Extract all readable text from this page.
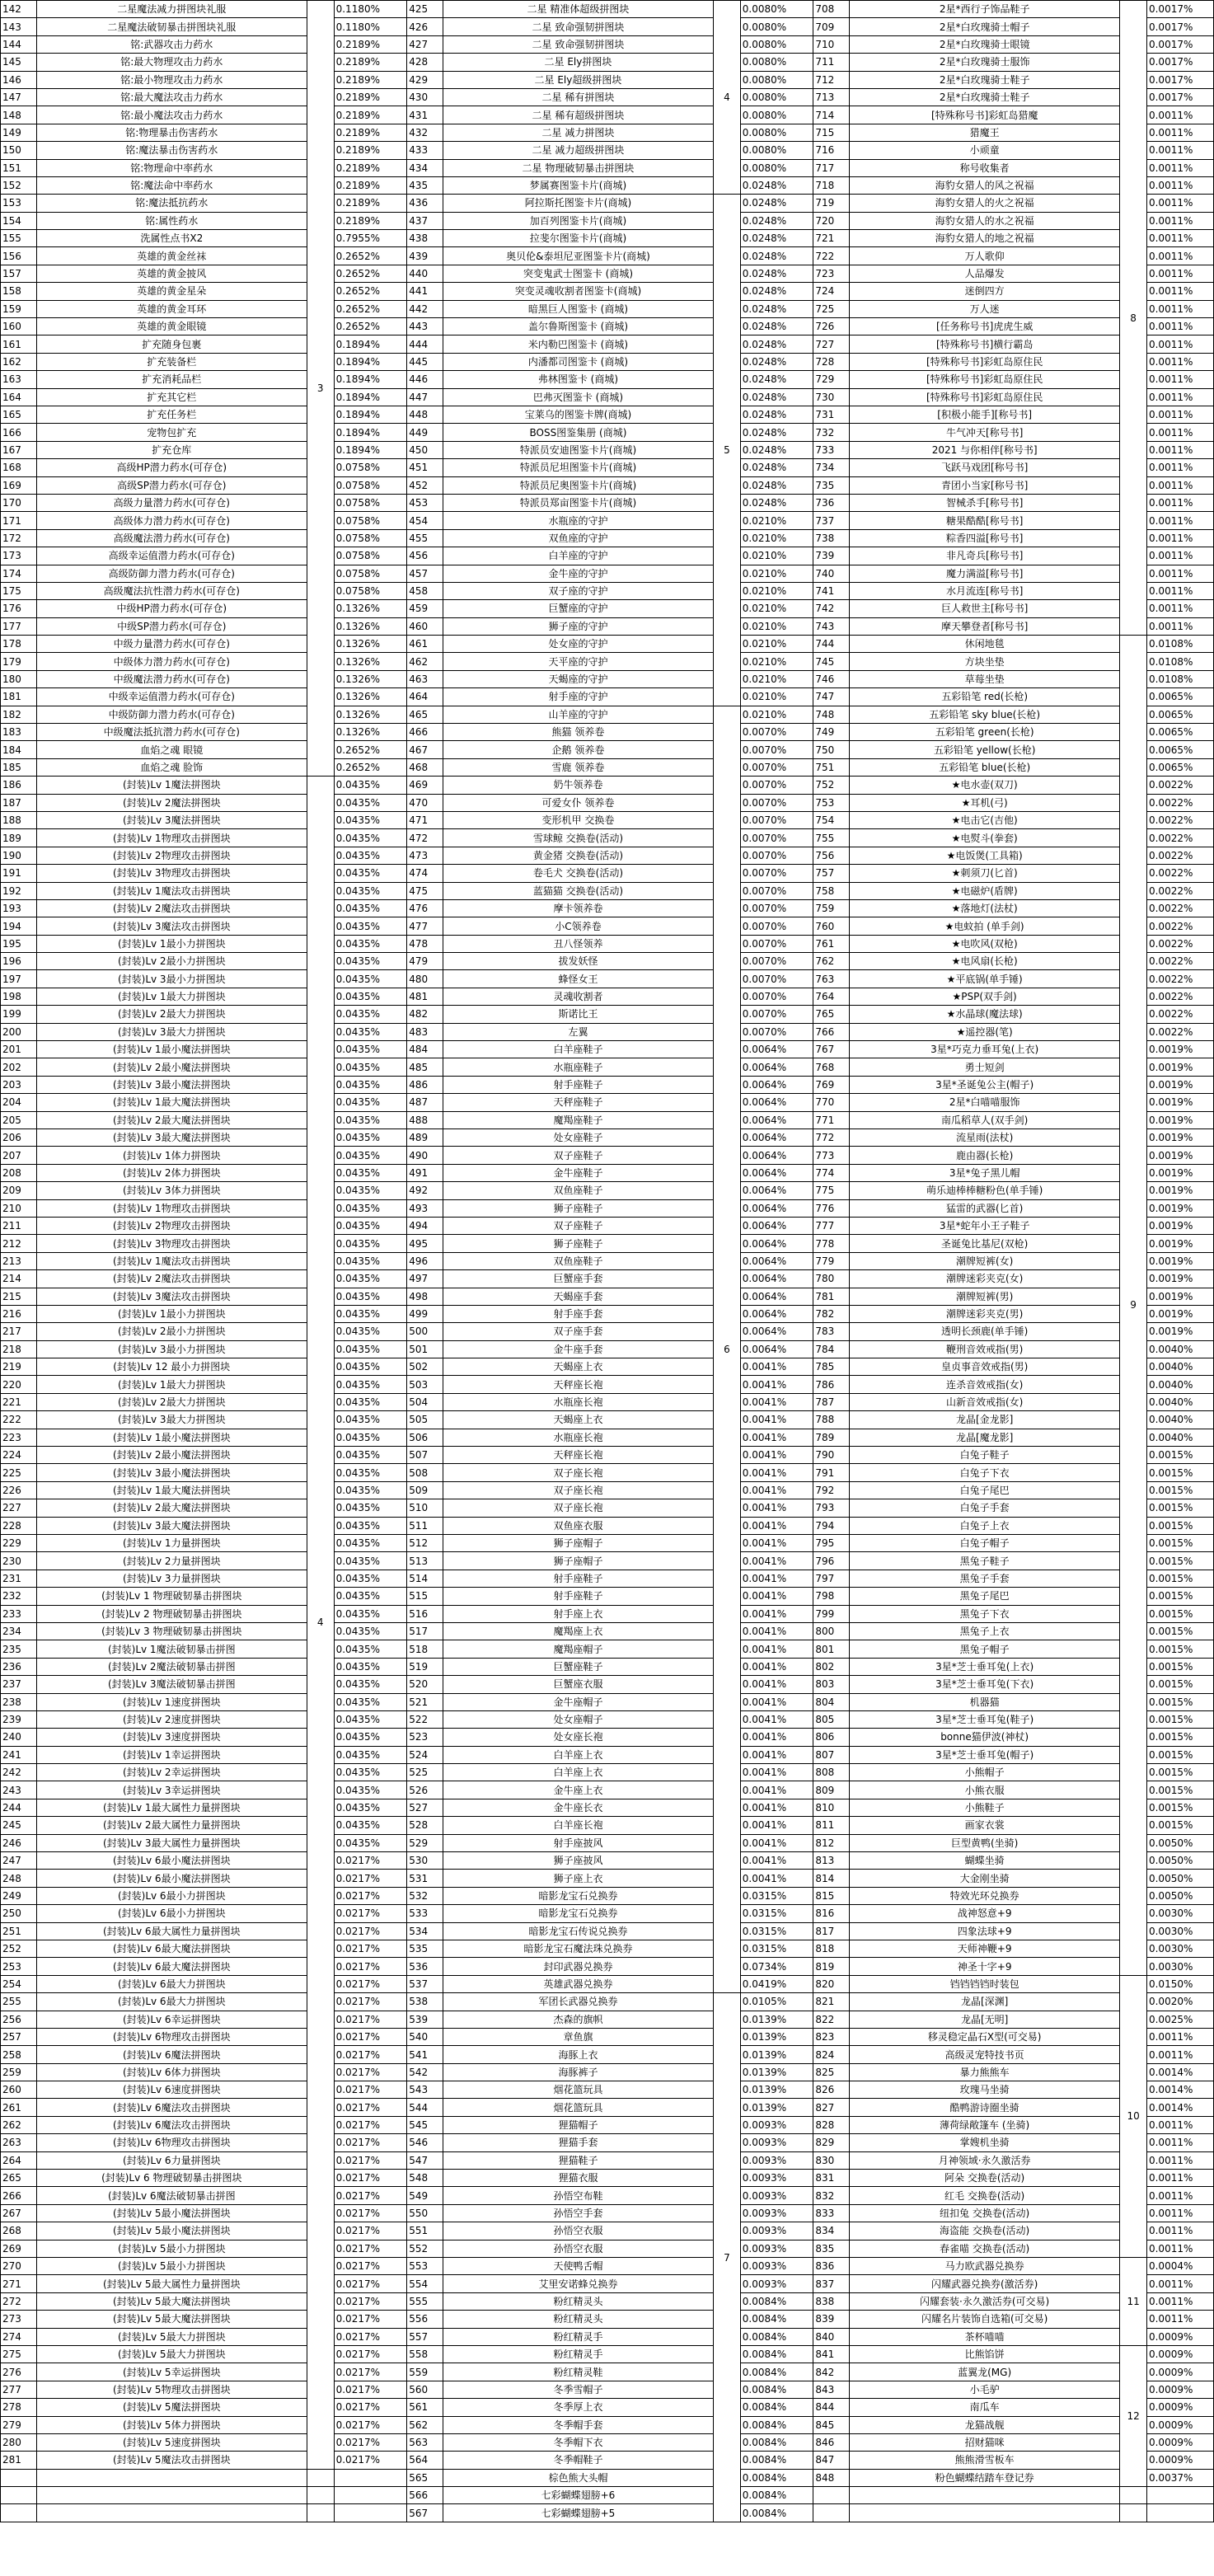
142	二星魔法减力拼图块礼服	3	0.1180%	425	二星 精准体超级拼图块	4	0.0080%	708	2星*西行子饰品鞋子	8	0.0017%
143	二星魔法破韧暴击拼图块礼服		0.1180%	426	二星 致命强韧拼图块		0.0080%	709	2星*白玫瑰骑士帽子		0.0017%
144	铭:武器攻击力药水		0.2189%	427	二星 致命强韧拼图块		0.0080%	710	2星*白玫瑰骑士眼镜		0.0017%
145	铭:最大物理攻击力药水		0.2189%	428	二星 Ely拼图块		0.0080%	711	2星*白玫瑰骑士服饰		0.0017%
146	铭:最小物理攻击力药水		0.2189%	429	二星 Ely超级拼图块		0.0080%	712	2星*白玫瑰骑士鞋子		0.0017%
147	铭:最大魔法攻击力药水		0.2189%	430	二星 稀有拼图块		0.0080%	713	2星*白玫瑰骑士鞋子		0.0017%
148	铭:最小魔法攻击力药水		0.2189%	431	二星 稀有超级拼图块		0.0080%	714	[特殊称号书]彩虹岛猎魔		0.0011%
149	铭:物理暴击伤害药水		0.2189%	432	二星 减力拼图块		0.0080%	715	猎魔王		0.0011%
150	铭:魔法暴击伤害药水		0.2189%	433	二星 减力超级拼图块		0.0080%	716	小顽童		0.0011%
151	铭:物理命中率药水		0.2189%	434	二星 物理破韧暴击拼图块		0.0080%	717	称号收集者		0.0011%
152	铭:魔法命中率药水		0.2189%	435	梦属赛图鉴卡片(商城)		0.0248%	718	海豹女猎人的风之祝福		0.0011%
153	铭:魔法抵抗药水		0.2189%	436	阿拉斯托图鉴卡片(商城)	5	0.0248%	719	海豹女猎人的火之祝福		0.0011%
154	铭:属性药水		0.2189%	437	加百列图鉴卡片(商城)		0.0248%	720	海豹女猎人的水之祝福		0.0011%
155	洗属性点书X2		0.7955%	438	拉斐尔图鉴卡片(商城)		0.0248%	721	海豹女猎人的地之祝福		0.0011%
156	英雄的黄金丝袜		0.2652%	439	奥贝伦&泰坦尼亚图鉴卡片(商城)		0.0248%	722	万人歌仰		0.0011%
157	英雄的黄金披风		0.2652%	440	突变鬼武士图鉴卡 (商城)		0.0248%	723	人品爆发		0.0011%
158	英雄的黄金星朵		0.2652%	441	突变灵魂收割者图鉴卡(商城)		0.0248%	724	迷倒四方		0.0011%
159	英雄的黄金耳环		0.2652%	442	暗黑巨人图鉴卡 (商城)		0.0248%	725	万人迷		0.0011%
160	英雄的黄金眼镜		0.2652%	443	盖尔鲁斯图鉴卡 (商城)		0.0248%	726	[任务称号书]虎虎生威		0.0011%
161	扩充随身包裹		0.1894%	444	米内勒巴图鉴卡 (商城)		0.0248%	727	[特殊称号书]横行霸岛		0.0011%
162	扩充装备栏		0.1894%	445	内潘都司图鉴卡 (商城)		0.0248%	728	[特殊称号书]彩虹岛原住民		0.0011%
163	扩充消耗品栏		0.1894%	446	弗林图鉴卡 (商城)		0.0248%	729	[特殊称号书]彩虹岛原住民		0.0011%
164	扩充其它栏		0.1894%	447	巴弗灭图鉴卡 (商城)		0.0248%	730	[特殊称号书]彩虹岛原住民		0.0011%
165	扩充任务栏		0.1894%	448	宝莱乌的图鉴卡牌(商城)		0.0248%	731	[积极小能手][称号书]		0.0011%
166	宠物包扩充		0.1894%	449	BOSS图鉴集册 (商城)		0.0248%	732	牛气冲天[称号书]		0.0011%
167	扩充仓库		0.1894%	450	特派员安迪图鉴卡片(商城)		0.0248%	733	2021 与你相伴[称号书]		0.0011%
168	高级HP潜力药水(可存仓)		0.0758%	451	特派员尼坦图鉴卡片(商城)		0.0248%	734	飞跃马戏团[称号书]		0.0011%
169	高级SP潜力药水(可存仓)		0.0758%	452	特派员尼奥图鉴卡片(商城)		0.0248%	735	青团小当家[称号书]		0.0011%
170	高级力量潜力药水(可存仓)		0.0758%	453	特派员郑亩图鉴卡片(商城)		0.0248%	736	智械杀手[称号书]		0.0011%
171	高级体力潜力药水(可存仓)		0.0758%	454	水瓶座的守护		0.0210%	737	糖果酷酷[称号书]		0.0011%
172	高级魔法潜力药水(可存仓)		0.0758%	455	双鱼座的守护		0.0210%	738	粽香四溢[称号书]		0.0011%
173	高级幸运值潜力药水(可存仓)		0.0758%	456	白羊座的守护		0.0210%	739	非凡奇兵[称号书]		0.0011%
174	高级防御力潜力药水(可存仓)		0.0758%	457	金牛座的守护		0.0210%	740	魔力满溢[称号书]		0.0011%
175	高级魔法抗性潜力药水(可存仓)		0.0758%	458	双子座的守护		0.0210%	741	水月流连[称号书]		0.0011%
176	中级HP潜力药水(可存仓)		0.1326%	459	巨蟹座的守护		0.0210%	742	巨人救世主[称号书]		0.0011%
177	中级SP潜力药水(可存仓)		0.1326%	460	狮子座的守护		0.0210%	743	摩天攀登者[称号书]		0.0011%
178	中级力量潜力药水(可存仓)		0.1326%	461	处女座的守护		0.0210%	744	休闲地毯	9	0.0108%
179	中级体力潜力药水(可存仓)		0.1326%	462	天平座的守护		0.0210%	745	方块坐垫		0.0108%
180	中级魔法潜力药水(可存仓)		0.1326%	463	天蝎座的守护		0.0210%	746	草莓坐垫		0.0108%
181	中级幸运值潜力药水(可存仓)		0.1326%	464	射手座的守护		0.0210%	747	五彩铅笔 red(长枪)		0.0065%
182	中级防御力潜力药水(可存仓)		0.1326%	465	山羊座的守护	6	0.0210%	748	五彩铅笔 sky blue(长枪)		0.0065%
183	中级魔法抵抗潜力药水(可存仓)		0.1326%	466	熊猫 领养卷		0.0070%	749	五彩铅笔 green(长枪)		0.0065%
184	血焰之魂 眼镜		0.2652%	467	企鹅 领养卷		0.0070%	750	五彩铅笔 yellow(长枪)		0.0065%
185	血焰之魂 脸饰		0.2652%	468	雪鹿 领养卷		0.0070%	751	五彩铅笔 blue(长枪)		0.0065%
186	(封装)Lv 1魔法拼图块	4	0.0435%	469	奶牛领养卷		0.0070%	752	★电水壶(双刀)		0.0022%
187	(封装)Lv 2魔法拼图块		0.0435%	470	可爱女仆 领养卷		0.0070%	753	★耳机(弓)		0.0022%
188	(封装)Lv 3魔法拼图块		0.0435%	471	变形机甲 交换卷		0.0070%	754	★电击它(吉他)		0.0022%
189	(封装)Lv 1物理攻击拼图块		0.0435%	472	雪球鲸 交换卷(活动)		0.0070%	755	★电熨斗(拳套)		0.0022%
190	(封装)Lv 2物理攻击拼图块		0.0435%	473	黄金猪 交换卷(活动)		0.0070%	756	★电饭煲(工具箱)		0.0022%
191	(封装)Lv 3物理攻击拼图块		0.0435%	474	卷毛犬 交换卷(活动)		0.0070%	757	★刺须刀(匕首)		0.0022%
192	(封装)Lv 1魔法攻击拼图块		0.0435%	475	蓝猫猫 交换卷(活动)		0.0070%	758	★电磁炉(盾牌)		0.0022%
193	(封装)Lv 2魔法攻击拼图块		0.0435%	476	摩卡领养卷		0.0070%	759	★落地灯(法杖)		0.0022%
194	(封装)Lv 3魔法攻击拼图块		0.0435%	477	小C领养卷		0.0070%	760	★电蚊拍 (单手剑)		0.0022%
195	(封装)Lv 1最小力拼图块		0.0435%	478	丑八怪领养		0.0070%	761	★电吹风(双枪)		0.0022%
196	(封装)Lv 2最小力拼图块		0.0435%	479	拔发妖怪		0.0070%	762	★电风扇(长枪)		0.0022%
197	(封装)Lv 3最小力拼图块		0.0435%	480	蜂怪女王		0.0070%	763	★平底锅(单手锤)		0.0022%
198	(封装)Lv 1最大力拼图块		0.0435%	481	灵魂收割者		0.0070%	764	★PSP(双手剑)		0.0022%
199	(封装)Lv 2最大力拼图块		0.0435%	482	斯诺比王		0.0070%	765	★水晶球(魔法球)		0.0022%
200	(封装)Lv 3最大力拼图块		0.0435%	483	左翼		0.0070%	766	★遥控器(笔)		0.0022%
201	(封装)Lv 1最小魔法拼图块		0.0435%	484	白羊座鞋子		0.0064%	767	3星*巧克力垂耳兔(上衣)		0.0019%
202	(封装)Lv 2最小魔法拼图块		0.0435%	485	水瓶座鞋子		0.0064%	768	勇士短剑		0.0019%
203	(封装)Lv 3最小魔法拼图块		0.0435%	486	射手座鞋子		0.0064%	769	3星*圣诞兔公主(帽子)		0.0019%
204	(封装)Lv 1最大魔法拼图块		0.0435%	487	天秤座鞋子		0.0064%	770	2星*白喵喵服饰		0.0019%
205	(封装)Lv 2最大魔法拼图块		0.0435%	488	魔羯座鞋子		0.0064%	771	南瓜稻草人(双手剑)		0.0019%
206	(封装)Lv 3最大魔法拼图块		0.0435%	489	处女座鞋子		0.0064%	772	流星雨(法杖)		0.0019%
207	(封装)Lv 1体力拼图块		0.0435%	490	双子座鞋子		0.0064%	773	鹿由器(长枪)		0.0019%
208	(封装)Lv 2体力拼图块		0.0435%	491	金牛座鞋子		0.0064%	774	3星*兔子黑儿帽		0.0019%
209	(封装)Lv 3体力拼图块		0.0435%	492	双鱼座鞋子		0.0064%	775	萌乐迪棒棒糖粉色(单手锤)		0.0019%
210	(封装)Lv 1物理攻击拼图块		0.0435%	493	狮子座鞋子		0.0064%	776	猛雷的武器(匕首)		0.0019%
211	(封装)Lv 2物理攻击拼图块		0.0435%	494	双子座鞋子		0.0064%	777	3星*蛇年小王子鞋子		0.0019%
212	(封装)Lv 3物理攻击拼图块		0.0435%	495	狮子座鞋子		0.0064%	778	圣诞兔比基尼(双枪)		0.0019%
213	(封装)Lv 1魔法攻击拼图块		0.0435%	496	双鱼座鞋子		0.0064%	779	潮牌短裤(女)		0.0019%
214	(封装)Lv 2魔法攻击拼图块		0.0435%	497	巨蟹座手套		0.0064%	780	潮牌迷彩夹克(女)		0.0019%
215	(封装)Lv 3魔法攻击拼图块		0.0435%	498	天蝎座手套		0.0064%	781	潮牌短裤(男)		0.0019%
216	(封装)Lv 1最小力拼图块		0.0435%	499	射手座手套		0.0064%	782	潮牌迷彩夹克(男)		0.0019%
217	(封装)Lv 2最小力拼图块		0.0435%	500	双子座手套		0.0064%	783	透明长颈鹿(单手锤)		0.0019%
218	(封装)Lv 3最小力拼图块		0.0435%	501	金牛座手套		0.0064%	784	鞭刑音效戒指(男)		0.0040%
219	(封装)Lv 12 最小力拼图块		0.0435%	502	天蝎座上衣		0.0041%	785	皇贞事音效戒指(男)		0.0040%
220	(封装)Lv 1最大力拼图块		0.0435%	503	天秤座长袍		0.0041%	786	连杀音效戒指(女)		0.0040%
221	(封装)Lv 2最大力拼图块		0.0435%	504	水瓶座长袍		0.0041%	787	山新音效戒指(女)		0.0040%
222	(封装)Lv 3最大力拼图块		0.0435%	505	天蝎座上衣		0.0041%	788	龙晶[金龙影]		0.0040%
223	(封装)Lv 1最小魔法拼图块		0.0435%	506	水瓶座长袍		0.0041%	789	龙晶[魔龙影]		0.0040%
224	(封装)Lv 2最小魔法拼图块		0.0435%	507	天秤座长袍		0.0041%	790	白兔子鞋子		0.0015%
225	(封装)Lv 3最小魔法拼图块		0.0435%	508	双子座长袍		0.0041%	791	白兔子下衣		0.0015%
226	(封装)Lv 1最大魔法拼图块		0.0435%	509	双子座长袍		0.0041%	792	白兔子尾巴		0.0015%
227	(封装)Lv 2最大魔法拼图块		0.0435%	510	双子座长袍		0.0041%	793	白兔子手套		0.0015%
228	(封装)Lv 3最大魔法拼图块		0.0435%	511	双鱼座衣服		0.0041%	794	白兔子上衣		0.0015%
229	(封装)Lv 1力量拼图块		0.0435%	512	狮子座帽子		0.0041%	795	白兔子帽子		0.0015%
230	(封装)Lv 2力量拼图块		0.0435%	513	狮子座帽子		0.0041%	796	黑兔子鞋子		0.0015%
231	(封装)Lv 3力量拼图块		0.0435%	514	射手座鞋子		0.0041%	797	黑兔子手套		0.0015%
232	(封装)Lv 1 物理破韧暴击拼图块		0.0435%	515	射手座鞋子		0.0041%	798	黑兔子尾巴		0.0015%
233	(封装)Lv 2 物理破韧暴击拼图块		0.0435%	516	射手座上衣		0.0041%	799	黑兔子下衣		0.0015%
234	(封装)Lv 3 物理破韧暴击拼图块		0.0435%	517	魔羯座上衣		0.0041%	800	黑兔子上衣		0.0015%
235	(封装)Lv 1魔法破韧暴击拼图		0.0435%	518	魔羯座帽子		0.0041%	801	黑兔子帽子		0.0015%
236	(封装)Lv 2魔法破韧暴击拼图		0.0435%	519	巨蟹座鞋子		0.0041%	802	3星*芝士垂耳兔(上衣)		0.0015%
237	(封装)Lv 3魔法破韧暴击拼图		0.0435%	520	巨蟹座衣服		0.0041%	803	3星*芝士垂耳兔(下衣)		0.0015%
238	(封装)Lv 1速度拼图块		0.0435%	521	金牛座帽子		0.0041%	804	机器猫		0.0015%
239	(封装)Lv 2速度拼图块		0.0435%	522	处女座帽子		0.0041%	805	3星*芝士垂耳兔(鞋子)		0.0015%
240	(封装)Lv 3速度拼图块		0.0435%	523	处女座长袍		0.0041%	806	bonne猫伊波(神杖)		0.0015%
241	(封装)Lv 1幸运拼图块		0.0435%	524	白羊座上衣		0.0041%	807	3星*芝士垂耳兔(帽子)		0.0015%
242	(封装)Lv 2幸运拼图块		0.0435%	525	白羊座上衣		0.0041%	808	小熊帽子		0.0015%
243	(封装)Lv 3幸运拼图块		0.0435%	526	金牛座上衣		0.0041%	809	小熊衣服		0.0015%
244	(封装)Lv 1最大属性力量拼图块		0.0435%	527	金牛座长衣		0.0041%	810	小熊鞋子		0.0015%
245	(封装)Lv 2最大属性力量拼图块		0.0435%	528	白羊座长袍		0.0041%	811	画家衣裳		0.0015%
246	(封装)Lv 3最大属性力量拼图块		0.0435%	529	射手座披风		0.0041%	812	巨型黄鸭(坐骑)		0.0050%
247	(封装)Lv 6最小魔法拼图块		0.0217%	530	狮子座披风		0.0041%	813	蝴蝶坐骑		0.0050%
248	(封装)Lv 6最小魔法拼图块		0.0217%	531	狮子座上衣		0.0041%	814	大金刚坐骑		0.0050%
249	(封装)Lv 6最小力拼图块		0.0217%	532	暗影龙宝石兑换券		0.0315%	815	特效光环兑换券		0.0050%
250	(封装)Lv 6最小力拼图块		0.0217%	533	暗影龙宝石兑换券		0.0315%	816	战神怒意+9		0.0030%
251	(封装)Lv 6最大属性力量拼图块		0.0217%	534	暗影龙宝石传说兑换券		0.0315%	817	四象法球+9		0.0030%
252	(封装)Lv 6最大魔法拼图块		0.0217%	535	暗影龙宝石魔法珠兑换券		0.0315%	818	天师神鞭+9		0.0030%
253	(封装)Lv 6最大魔法拼图块		0.0217%	536	封印武器兑换券		0.0734%	819	神圣十字+9		0.0030%
254	(封装)Lv 6最大力拼图块		0.0217%	537	英雄武器兑换券		0.0419%	820	铛铛铛铛时装包	10	0.0150%
255	(封装)Lv 6最大力拼图块		0.0217%	538	军团长武器兑换券	7	0.0105%	821	龙晶[深渊]		0.0020%
256	(封装)Lv 6幸运拼图块		0.0217%	539	杰森的旗帜		0.0139%	822	龙晶[无明]		0.0025%
257	(封装)Lv 6物理攻击拼图块		0.0217%	540	章鱼旗		0.0139%	823	移灵稳定晶石X型(可交易)		0.0011%
258	(封装)Lv 6魔法拼图块		0.0217%	541	海豚上衣		0.0139%	824	高级灵宠特技书页		0.0011%
259	(封装)Lv 6体力拼图块		0.0217%	542	海豚裤子		0.0139%	825	暴力熊熊车		0.0014%
260	(封装)Lv 6速度拼图块		0.0217%	543	烟花篮玩具		0.0139%	826	玫瑰马坐骑		0.0014%
261	(封装)Lv 6魔法攻击拼图块		0.0217%	544	烟花篮玩具		0.0139%	827	酷鸭游诗圈坐骑		0.0014%
262	(封装)Lv 6魔法攻击拼图块		0.0217%	545	狸猫帽子		0.0093%	828	薄荷绿敞篷车 (坐骑)		0.0011%
263	(封装)Lv 6物理攻击拼图块		0.0217%	546	狸猫手套		0.0093%	829	掌嫂机坐骑		0.0011%
264	(封装)Lv 6力量拼图块		0.0217%	547	狸猫鞋子		0.0093%	830	月神领域·永久激活券		0.0011%
265	(封装)Lv 6 物理破韧暴击拼图块		0.0217%	548	狸猫衣服		0.0093%	831	阿朵 交换卷(活动)		0.0011%
266	(封装)Lv 6魔法破韧暴击拼图		0.0217%	549	孙悟空布鞋		0.0093%	832	红毛 交换卷(活动)		0.0011%
267	(封装)Lv 5最小魔法拼图块		0.0217%	550	孙悟空手套		0.0093%	833	纽扣兔 交换卷(活动)		0.0011%
268	(封装)Lv 5最小魔法拼图块		0.0217%	551	孙悟空衣服		0.0093%	834	海盗能 交换卷(活动)		0.0011%
269	(封装)Lv 5最小力拼图块		0.0217%	552	孙悟空衣服		0.0093%	835	春雀喵 交换卷(活动)		0.0011%
270	(封装)Lv 5最小力拼图块		0.0217%	553	天使鸭舌帽		0.0093%	836	马力欧武器兑换券	11	0.0004%
271	(封装)Lv 5最大属性力量拼图块		0.0217%	554	艾里安诺蜂兑换券		0.0093%	837	闪耀武器兑换券(激活券)		0.0011%
272	(封装)Lv 5最大魔法拼图块		0.0217%	555	粉红精灵头		0.0084%	838	闪耀套装·永久激活券(可交易)		0.0011%
273	(封装)Lv 5最大魔法拼图块		0.0217%	556	粉红精灵头		0.0084%	839	闪耀名片装饰自选箱(可交易)		0.0011%
274	(封装)Lv 5最大力拼图块		0.0217%	557	粉红精灵手		0.0084%	840	茶杯喵喵		0.0009%
275	(封装)Lv 5最大力拼图块		0.0217%	558	粉红精灵手		0.0084%	841	比熊馅饼	12	0.0009%
276	(封装)Lv 5幸运拼图块		0.0217%	559	粉红精灵鞋		0.0084%	842	蓝翼龙(MG)		0.0009%
277	(封装)Lv 5物理攻击拼图块		0.0217%	560	冬季雪帽子		0.0084%	843	小毛驴		0.0009%
278	(封装)Lv 5魔法拼图块		0.0217%	561	冬季厚上衣		0.0084%	844	南瓜车		0.0009%
279	(封装)Lv 5体力拼图块		0.0217%	562	冬季帽手套		0.0084%	845	龙猫战舰		0.0009%
280	(封装)Lv 5速度拼图块		0.0217%	563	冬季帽下衣		0.0084%	846	招财猫咪		0.0009%
281	(封装)Lv 5魔法攻击拼图块		0.0217%	564	冬季帽鞋子		0.0084%	847	熊熊滑雪板车		0.0009%
				565	棕色熊大头帽		0.0084%	848	粉色蝴蝶结踏车登记券		0.0037%
				566	七彩蝴蝶翅膀+6		0.0084%				
				567	七彩蝴蝶翅膀+5		0.0084%				
